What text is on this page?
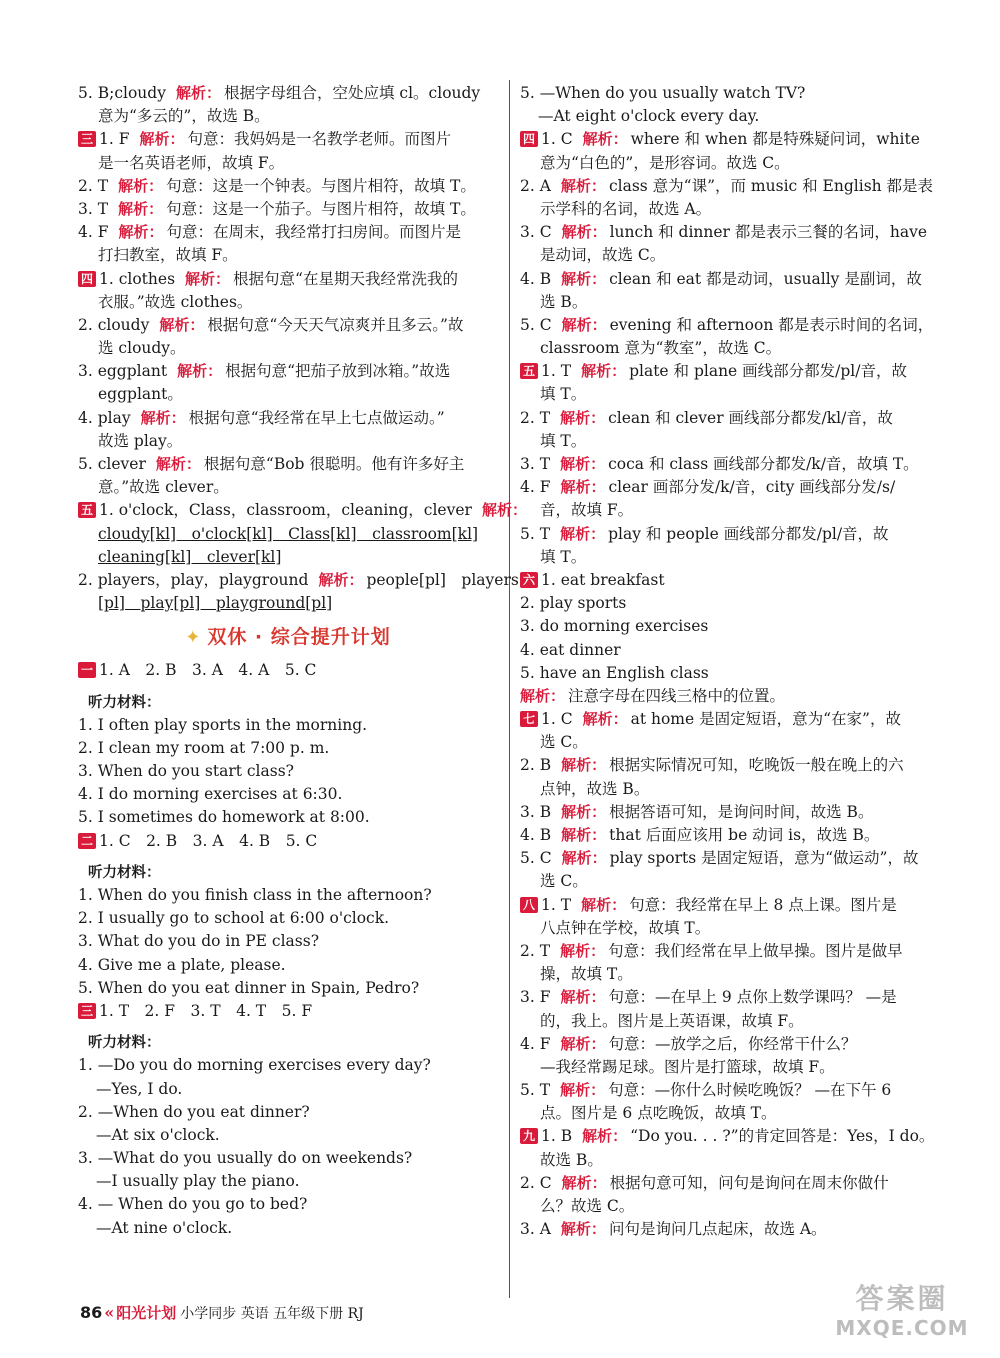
5. B;cloudy 解析： 根据字母组合，空处应填 cl。cloudy
意为“多云的”，故选 B。
三 1. F 解析： 句意：我妈妈是一名教学老师。而图片
是一名英语老师，故填 F。
2. T 解析： 句意：这是一个钟表。与图片相符，故填 T。
3. T 解析： 句意：这是一个茄子。与图片相符，故填 T。
4. F 解析： 句意：在周末，我经常打扫房间。而图片是
打扫教室，故填 F。
四 1. clothes 解析： 根据句意“在星期天我经常洗我的
衣服。”故选 clothes。
2. cloudy 解析： 根据句意“今天天气凉爽并且多云。”故
选 cloudy。
3. eggplant 解析： 根据句意“把茄子放到冰箱。”故选
eggplant。
4. play 解析： 根据句意“我经常在早上七点做运动。”
故选 play。
5. clever 解析： 根据句意“Bob 很聪明。他有许多好主
意。”故选 clever。
五 1. o'clock，Class，classroom，cleaning，clever 解析：
cloudy[kl]　o'clock[kl]　Class[kl]　classroom[kl]
cleaning[kl]　clever[kl]
2. players，play，playground 解析： people[pl]　players
[pl]　play[pl]　playground[pl]
✦ 双休 · 综合提升计划
一 1. A　2. B　3. A　4. A　5. C
听力材料：
1. I often play sports in the morning.
2. I clean my room at 7:00 p. m.
3. When do you start class?
4. I do morning exercises at 6:30.
5. I sometimes do homework at 8:00.
二 1. C　2. B　3. A　4. B　5. C
听力材料：
1. When do you finish class in the afternoon?
2. I usually go to school at 6:00 o'clock.
3. What do you do in PE class?
4. Give me a plate, please.
5. When do you eat dinner in Spain, Pedro?
三 1. T　2. F　3. T　4. T　5. F
听力材料：
1. —Do you do morning exercises every day?
—Yes, I do.
2. —When do you eat dinner?
—At six o'clock.
3. —What do you usually do on weekends?
—I usually play the piano.
4. — When do you go to bed?
—At nine o'clock.
5. —When do you usually watch TV?
—At eight o'clock every day.
四 1. C 解析： where 和 when 都是特殊疑问词，white
意为“白色的”，是形容词。故选 C。
2. A 解析： class 意为“课”，而 music 和 English 都是表
示学科的名词，故选 A。
3. C 解析： lunch 和 dinner 都是表示三餐的名词，have
是动词，故选 C。
4. B 解析： clean 和 eat 都是动词，usually 是副词，故
选 B。
5. C 解析： evening 和 afternoon 都是表示时间的名词，
classroom 意为“教室”，故选 C。
五 1. T 解析： plate 和 plane 画线部分都发/pl/音，故
填 T。
2. T 解析： clean 和 clever 画线部分都发/kl/音，故
填 T。
3. T 解析： coca 和 class 画线部分都发/k/音，故填 T。
4. F 解析： clear 画部分发/k/音，city 画线部分发/s/
音，故填 F。
5. T 解析： play 和 people 画线部分都发/pl/音，故
填 T。
六 1. eat breakfast
2. play sports
3. do morning exercises
4. eat dinner
5. have an English class
解析： 注意字母在四线三格中的位置。
七 1. C 解析： at home 是固定短语，意为“在家”，故
选 C。
2. B 解析： 根据实际情况可知，吃晚饭一般在晚上的六
点钟，故选 B。
3. B 解析： 根据答语可知，是询问时间，故选 B。
4. B 解析： that 后面应该用 be 动词 is，故选 B。
5. C 解析： play sports 是固定短语，意为“做运动”，故
选 C。
八 1. T 解析： 句意：我经常在早上 8 点上课。图片是
八点钟在学校，故填 T。
2. T 解析： 句意：我们经常在早上做早操。图片是做早
操，故填 T。
3. F 解析： 句意：—在早上 9 点你上数学课吗？ —是
的，我上。图片是上英语课，故填 F。
4. F 解析： 句意：—放学之后，你经常干什么？
—我经常踢足球。图片是打篮球，故填 F。
5. T 解析： 句意：—你什么时候吃晚饭？ —在下午 6
点。图片是 6 点吃晚饭，故填 T。
九 1. B 解析： “Do you. . . ?”的肯定回答是：Yes，I do。
故选 B。
2. C 解析： 根据句意可知，问句是询问在周末你做什
么？故选 C。
3. A 解析： 问句是询问几点起床，故选 A。
86 « 阳光计划 小学同步 英语 五年级下册 RJ	答案圈
MXQE.COM
